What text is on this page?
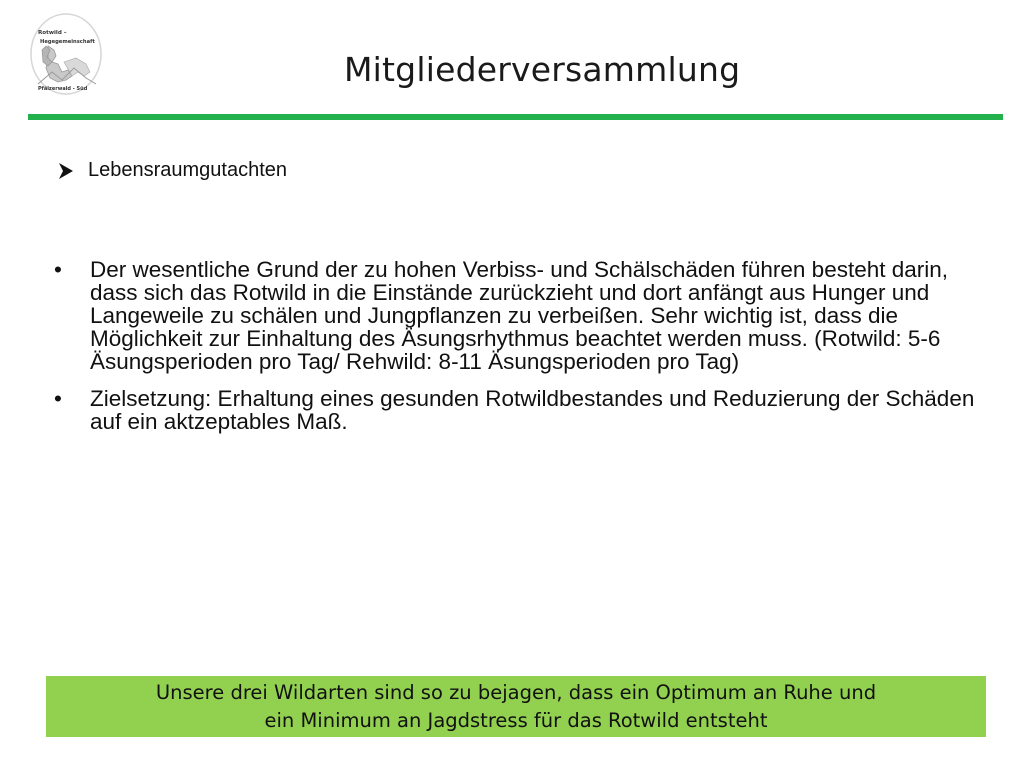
Rotwild –
Hegegemeinschaft
Pfälzerwald - Süd	Mitgliederversammlung
Lebensraumgutachten
• Der wesentliche Grund der zu hohen Verbiss- und Schälschäden führen besteht darin, dass sich das Rotwild in die Einstände zurückzieht und dort anfängt aus Hunger und Langeweile zu schälen und Jungpflanzen zu verbeißen. Sehr wichtig ist, dass die Möglichkeit zur Einhaltung des Äsungsrhythmus beachtet werden muss. (Rotwild: 5-6 Äsungsperioden pro Tag/ Rehwild: 8-11 Äsungsperioden pro Tag)
• Zielsetzung: Erhaltung eines gesunden Rotwildbestandes und Reduzierung der Schäden auf ein aktzeptables Maß.
Unsere drei Wildarten sind so zu bejagen, dass ein Optimum an Ruhe und
ein Minimum an Jagdstress für das Rotwild entsteht
